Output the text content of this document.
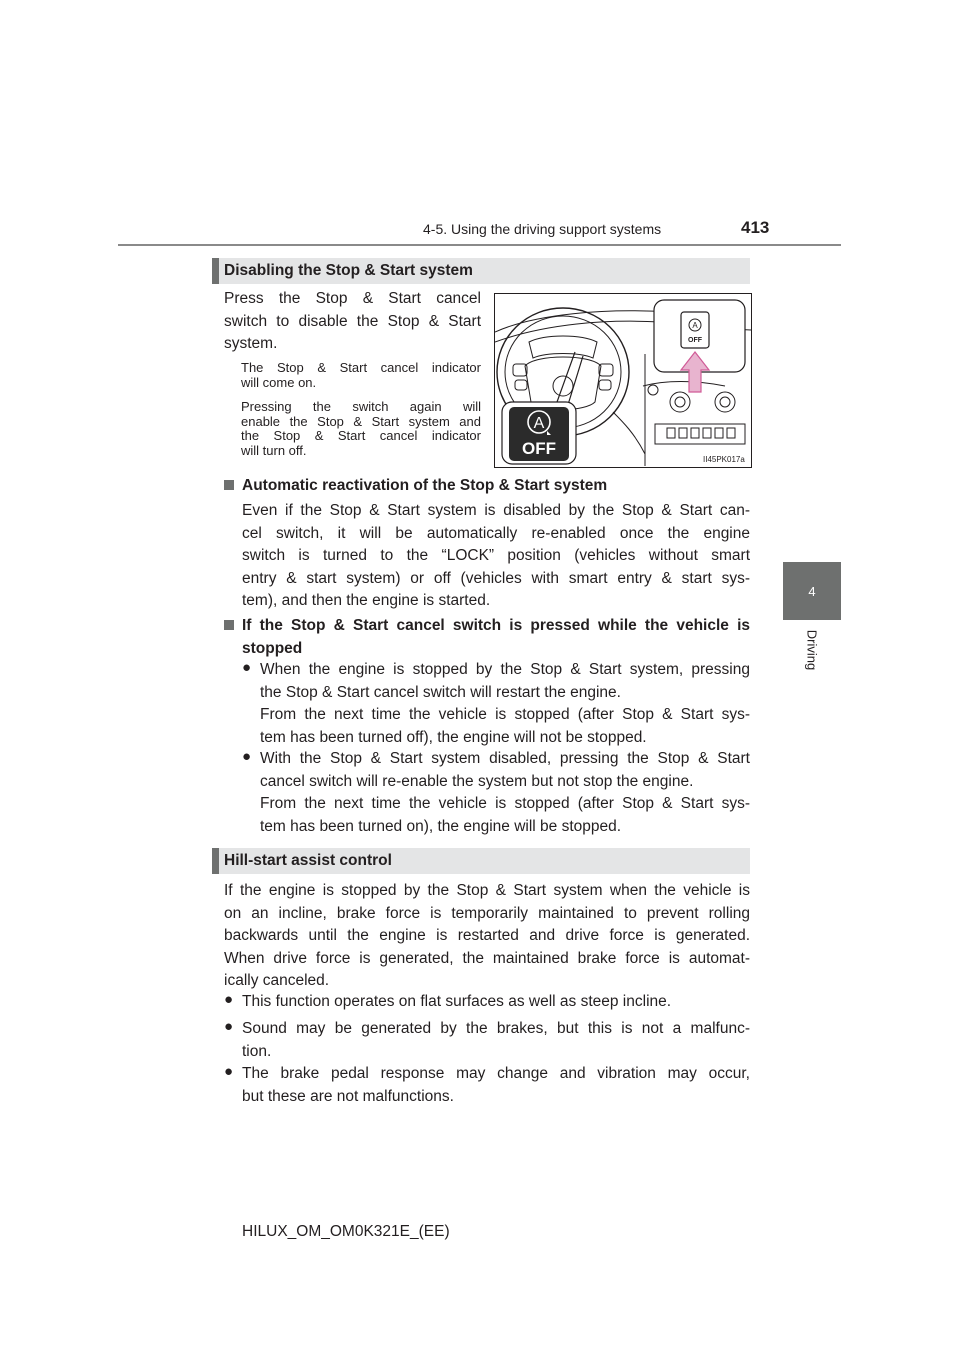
4-5. Using the driving support systems	413
4
Driving
Disabling the Stop & Start system
Press the Stop & Start cancel
switch to disable the Stop & Start
system.
The Stop & Start cancel indicator
will come on.
Pressing the switch again will
enable the Stop & Start system and
the Stop & Start cancel indicator
will turn off.
A
OFF
A
OFF
II45PK017a
Automatic reactivation of the Stop & Start system
Even if the Stop & Start system is disabled by the Stop & Start can-
cel switch, it will be automatically re-enabled once the engine
switch is turned to the “LOCK” position (vehicles without smart
entry & start system) or off (vehicles with smart entry & start sys-
tem), and then the engine is started.
If the Stop & Start cancel switch is pressed while the vehicle is
stopped
● When the engine is stopped by the Stop & Start system, pressing
the Stop & Start cancel switch will restart the engine.
From the next time the vehicle is stopped (after Stop & Start sys-
tem has been turned off), the engine will not be stopped.
● With the Stop & Start system disabled, pressing the Stop & Start
cancel switch will re-enable the system but not stop the engine.
From the next time the vehicle is stopped (after Stop & Start sys-
tem has been turned on), the engine will be stopped.
Hill-start assist control
If the engine is stopped by the Stop & Start system when the vehicle is
on an incline, brake force is temporarily maintained to prevent rolling
backwards until the engine is restarted and drive force is generated.
When drive force is generated, the maintained brake force is automat-
ically canceled.
● This function operates on flat surfaces as well as steep incline.
● Sound may be generated by the brakes, but this is not a malfunc-
tion.
● The brake pedal response may change and vibration may occur,
but these are not malfunctions.
HILUX_OM_OM0K321E_(EE)
